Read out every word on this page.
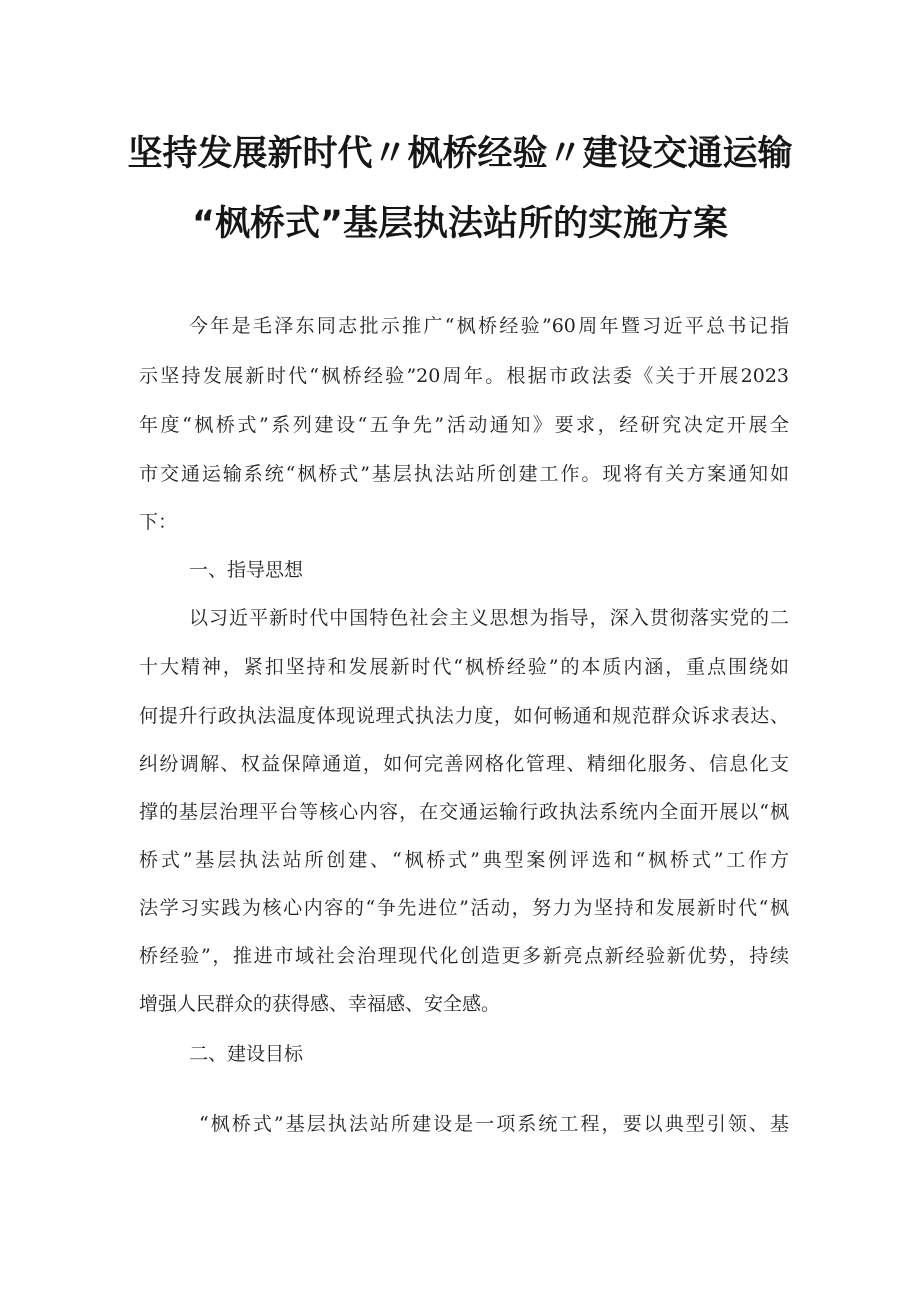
坚持发展新时代〃枫桥经验〃建设交通运输
“枫桥式”基层执法站所的实施方案
今年是毛泽东同志批示推广“枫桥经验”60周年暨习近平总书记指
示坚持发展新时代“枫桥经验”20周年。根据市政法委《关于开展2023
年度“枫桥式”系列建设“五争先”活动通知》要求，经研究决定开展全
市交通运输系统“枫桥式”基层执法站所创建工作。现将有关方案通知如
下：
一、指导思想
以习近平新时代中国特色社会主义思想为指导，深入贯彻落实党的二
十大精神，紧扣坚持和发展新时代“枫桥经验”的本质内涵，重点围绕如
何提升行政执法温度体现说理式执法力度，如何畅通和规范群众诉求表达、
纠纷调解、权益保障通道，如何完善网格化管理、精细化服务、信息化支
撑的基层治理平台等核心内容，在交通运输行政执法系统内全面开展以“枫
桥式”基层执法站所创建、“枫桥式”典型案例评选和“枫桥式”工作方
法学习实践为核心内容的“争先进位”活动，努力为坚持和发展新时代“枫
桥经验”，推进市域社会治理现代化创造更多新亮点新经验新优势，持续
增强人民群众的获得感、幸福感、安全感。
二、建设目标
“枫桥式”基层执法站所建设是一项系统工程，要以典型引领、基
